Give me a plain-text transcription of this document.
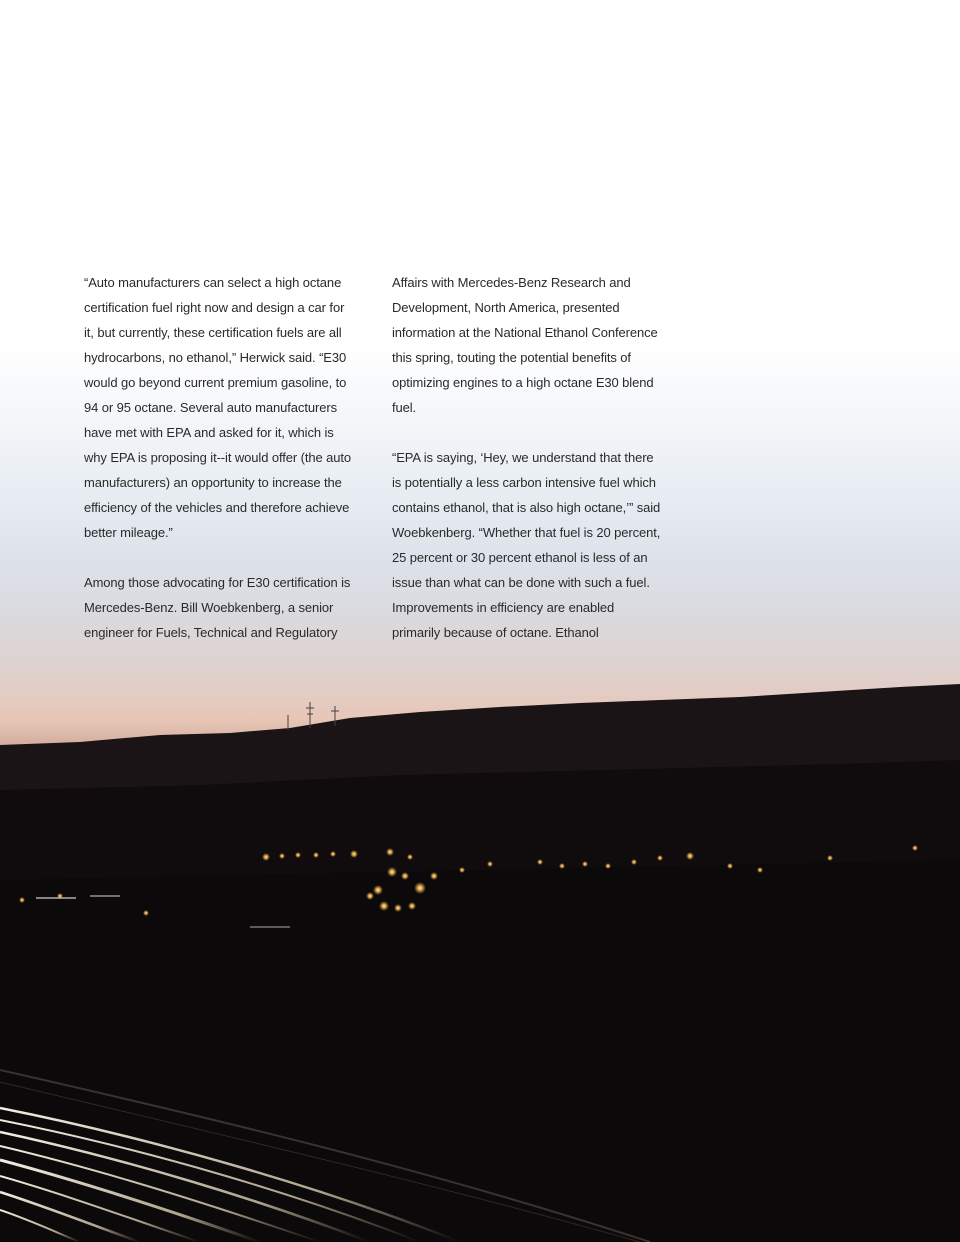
“Auto manufacturers can select a high octane certification fuel right now and design a car for it, but currently, these certification fuels are all hydrocarbons, no ethanol,” Herwick said. “E30 would go beyond current premium gasoline, to 94 or 95 octane. Several auto manufacturers have met with EPA and asked for it, which is why EPA is proposing it--it would offer (the auto manufacturers) an opportunity to increase the efficiency of the vehicles and therefore achieve better mileage.”

Among those advocating for E30 certification is Mercedes-Benz. Bill Woebkenberg, a senior engineer for Fuels, Technical and Regulatory

Affairs with Mercedes-Benz Research and Development, North America, presented information at the National Ethanol Conference this spring, touting the potential benefits of optimizing engines to a high octane E30 blend fuel.

“EPA is saying, ‘Hey, we understand that there is potentially a less carbon intensive fuel which contains ethanol, that is also high octane,’” said Woebkenberg. “Whether that fuel is 20 percent, 25 percent or 30 percent ethanol is less of an issue than what can be done with such a fuel. Improvements in efficiency are enabled primarily because of octane. Ethanol
